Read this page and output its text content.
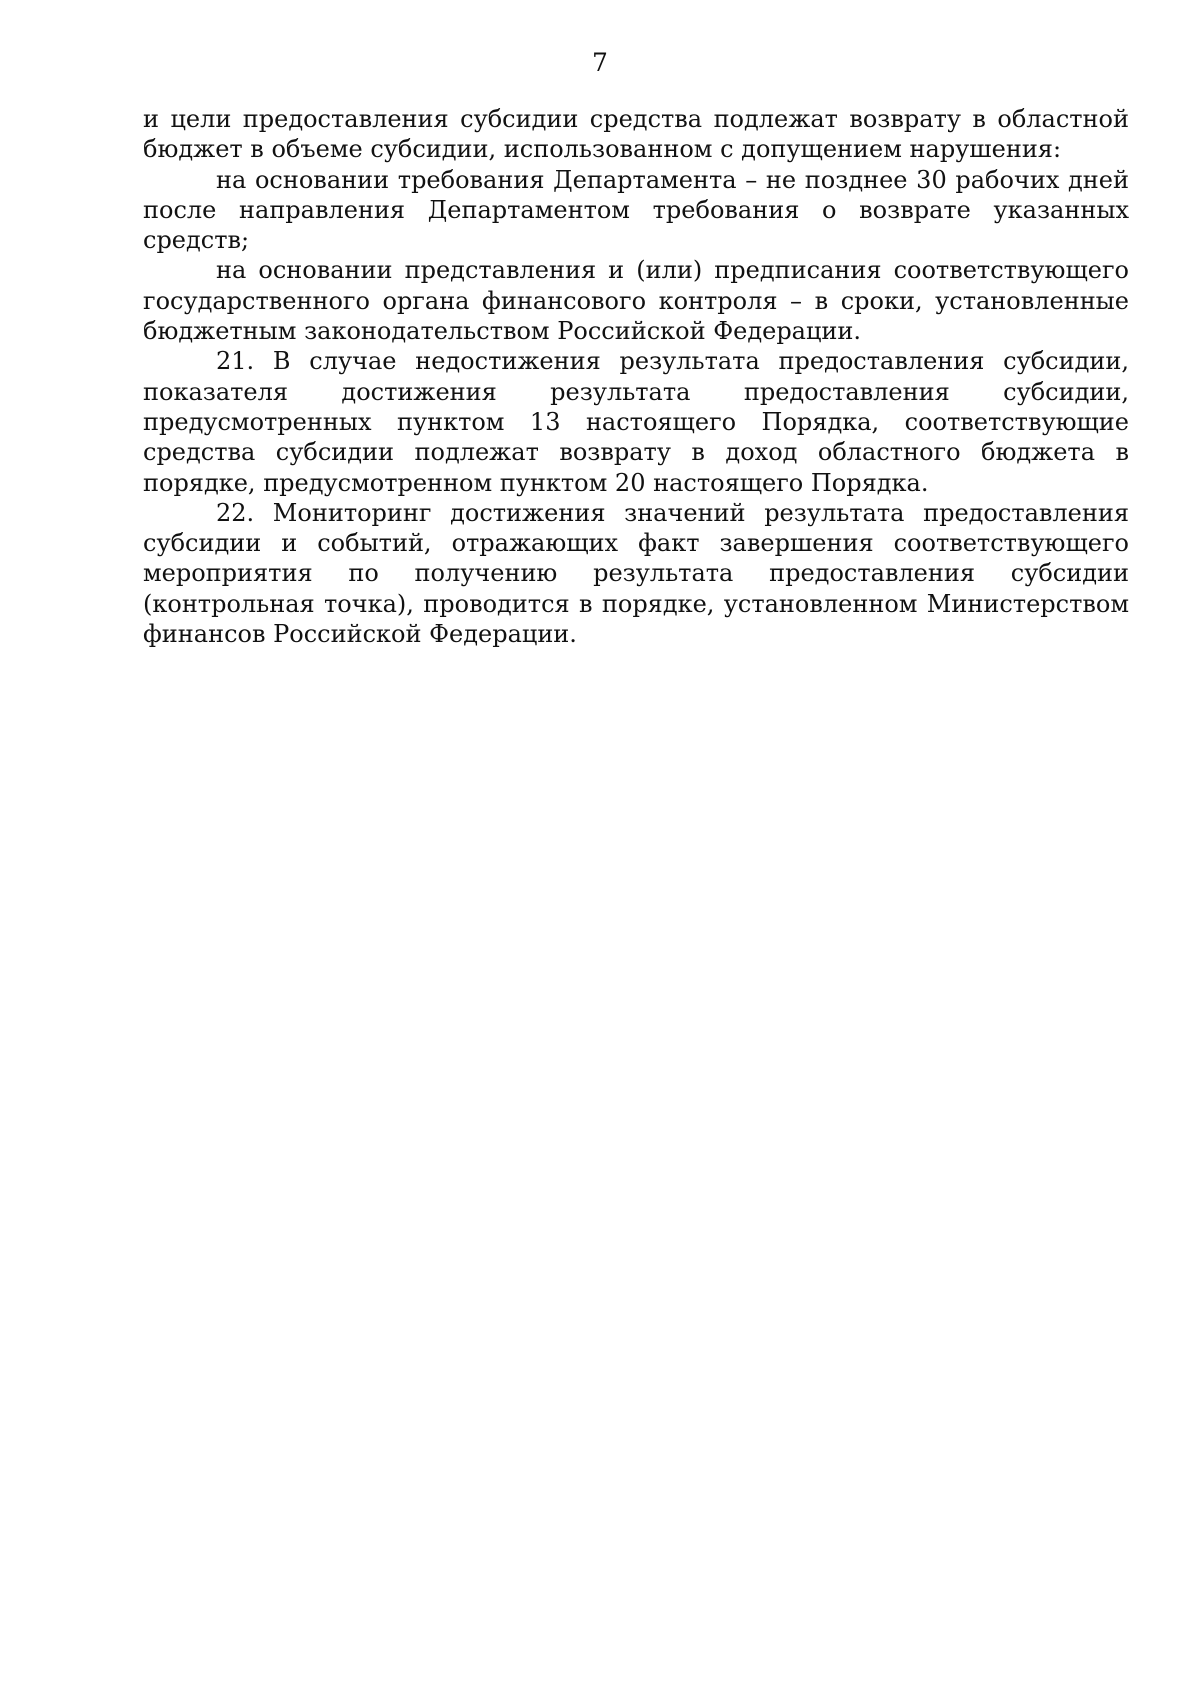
7

и цели предоставления субсидии средства подлежат возврату в областной бюджет в объеме субсидии, использованном с допущением нарушения:

на основании требования Департамента – не позднее 30 рабочих дней после направления Департаментом требования о возврате указанных средств;

на основании представления и (или) предписания соответствующего государственного органа финансового контроля – в сроки, установленные бюджетным законодательством Российской Федерации.

21. В случае недостижения результата предоставления субсидии, показателя достижения результата предоставления субсидии, предусмотренных пунктом 13 настоящего Порядка, соответствующие средства субсидии подлежат возврату в доход областного бюджета в порядке, предусмотренном пунктом 20 настоящего Порядка.

22. Мониторинг достижения значений результата предоставления субсидии и событий, отражающих факт завершения соответствующего мероприятия по получению результата предоставления субсидии (контрольная точка), проводится в порядке, установленном Министерством финансов Российской Федерации.
